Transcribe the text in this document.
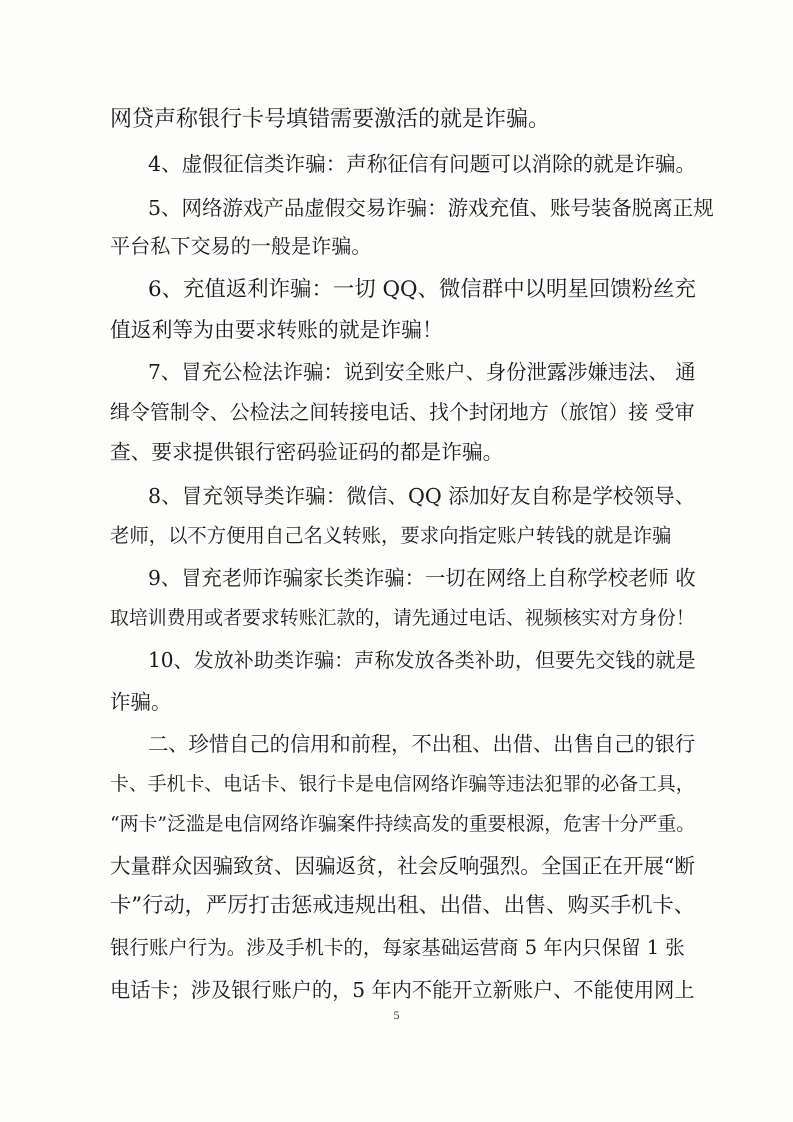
网贷声称银行卡号填错需要激活的就是诈骗。
4、虚假征信类诈骗：声称征信有问题可以消除的就是诈骗。
5、网络游戏产品虚假交易诈骗：游戏充值、账号装备脱离正规
平台私下交易的一般是诈骗。
6、充值返利诈骗：一切 QQ、微信群中以明星回馈粉丝充
值返利等为由要求转账的就是诈骗！
7、冒充公检法诈骗：说到安全账户、身份泄露涉嫌违法、 通
缉令管制令、公检法之间转接电话、找个封闭地方（旅馆）接 受审
查、要求提供银行密码验证码的都是诈骗。
8、冒充领导类诈骗：微信、QQ 添加好友自称是学校领导、
老师，以不方便用自己名义转账，要求向指定账户转钱的就是诈骗
9、冒充老师诈骗家长类诈骗：一切在网络上自称学校老师 收
取培训费用或者要求转账汇款的，请先通过电话、视频核实对方身份！
10、发放补助类诈骗：声称发放各类补助，但要先交钱的就是
诈骗。
二、珍惜自己的信用和前程，不出租、出借、出售自己的银行
卡、手机卡、电话卡、银行卡是电信网络诈骗等违法犯罪的必备工具，
“两卡”泛滥是电信网络诈骗案件持续高发的重要根源，危害十分严重。
大量群众因骗致贫、因骗返贫，社会反响强烈。全国正在开展“断
卡”行动，严厉打击惩戒违规出租、出借、出售、购买手机卡、
银行账户行为。涉及手机卡的，每家基础运营商 5 年内只保留 1 张
电话卡；涉及银行账户的，5 年内不能开立新账户、不能使用网上
5
